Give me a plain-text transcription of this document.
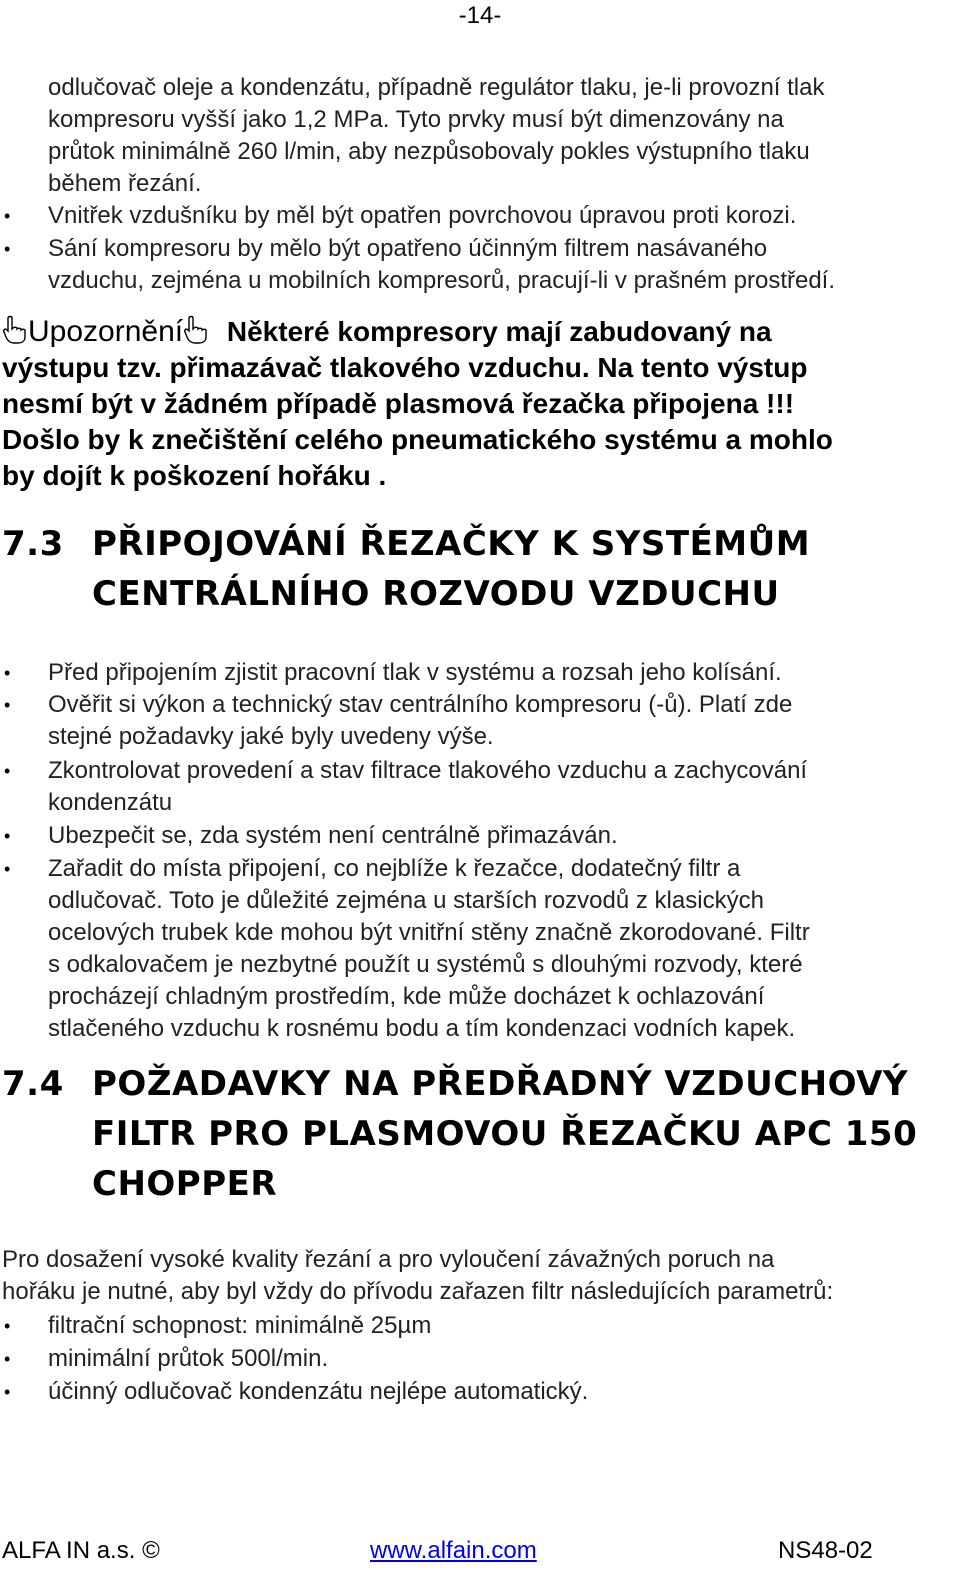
-14-
odlučovač oleje a kondenzátu, případně regulátor tlaku, je-li provozní tlak
kompresoru vyšší jako 1,2 MPa. Tyto prvky musí být dimenzovány na
průtok minimálně 260 l/min, aby nezpůsobovaly pokles výstupního tlaku
během řezání.
• Vnitřek vzdušníku by měl být opatřen povrchovou úpravou proti korozi.
• Sání kompresoru by mělo být opatřeno účinným filtrem nasávaného
vzduchu, zejména u mobilních kompresorů, pracují-li v prašném prostředí.
Upozornění Některé kompresory mají zabudovaný na
výstupu tzv. přimazávač tlakového vzduchu. Na tento výstup
nesmí být v žádném případě plasmová řezačka připojena !!!
Došlo by k znečištění celého pneumatického systému a mohlo
by dojít k poškození hořáku .
7.3 PŘIPOJOVÁNÍ ŘEZAČKY K SYSTÉMŮM
CENTRÁLNÍHO ROZVODU VZDUCHU
• Před připojením zjistit pracovní tlak v systému a rozsah jeho kolísání.
• Ověřit si výkon a technický stav centrálního kompresoru (-ů). Platí zde
stejné požadavky jaké byly uvedeny výše.
• Zkontrolovat provedení a stav filtrace tlakového vzduchu a zachycování
kondenzátu
• Ubezpečit se, zda systém není centrálně přimazáván.
• Zařadit do místa připojení, co nejblíže k řezačce, dodatečný filtr a
odlučovač. Toto je důležité zejména u starších rozvodů z klasických
ocelových trubek kde mohou být vnitřní stěny značně zkorodované. Filtr
s odkalovačem je nezbytné použít u systémů s dlouhými rozvody, které
procházejí chladným prostředím, kde může docházet k ochlazování
stlačeného vzduchu k rosnému bodu a tím kondenzaci vodních kapek.
7.4 POŽADAVKY NA PŘEDŘADNÝ VZDUCHOVÝ
FILTR PRO PLASMOVOU ŘEZAČKU APC 150
CHOPPER
Pro dosažení vysoké kvality řezání a pro vyloučení závažných poruch na
hořáku je nutné, aby byl vždy do přívodu zařazen filtr následujících parametrů:
• filtrační schopnost: minimálně 25µm
• minimální průtok 500l/min.
• účinný odlučovač kondenzátu nejlépe automatický.
ALFA IN a.s. ©	www.alfain.com	NS48-02
